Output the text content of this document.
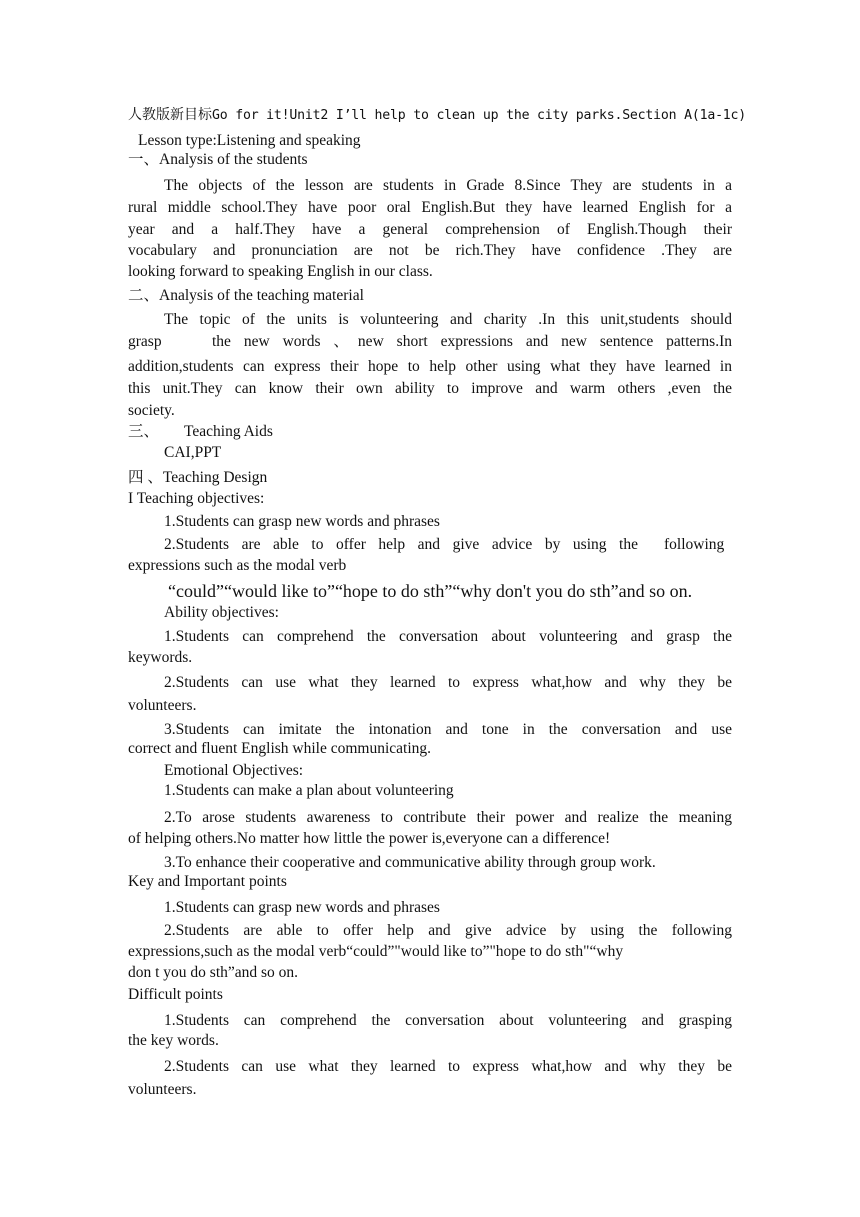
人教版新目标Go for it!Unit2 I’ll help to clean up the city parks.Section A(1a-1c)
Lesson type:Listening and speaking
一、Analysis of the students
The objects of the lesson are students in Grade 8.Since They are students in a
rural middle school.They have poor oral English.But they have learned English for a
year and a half.They have a general comprehension of English.Though their
vocabulary and pronunciation are not be rich.They have confidence .They are
looking forward to speaking English in our class.
二、Analysis of the teaching material
The topic of the units is volunteering and charity .In this unit,students should
grasp	the new words 、new short expressions and new sentence patterns.In
addition,students can express their hope to help other using what they have learned in
this unit.They can know their own ability to improve and warm others ,even the
society.
三、 Teaching Aids
CAI,PPT
四 、Teaching Design
I Teaching objectives:
1.Students can grasp new words and phrases
2.Students are able to offer help and give advice by using the following
expressions such as the modal verb
“could”“would like to”“hope to do sth”“why don't you do sth”and so on.
Ability objectives:
1.Students can comprehend the conversation about volunteering and grasp the
keywords.
2.Students can use what they learned to express what,how and why they be
volunteers.
3.Students can imitate the intonation and tone in the conversation and use
correct and fluent English while communicating.
Emotional Objectives:
1.Students can make a plan about volunteering
2.To arose students awareness to contribute their power and realize the meaning
of helping others.No matter how little the power is,everyone can a difference!
3.To enhance their cooperative and communicative ability through group work.
Key and Important points
1.Students can grasp new words and phrases
2.Students are able to offer help and give advice by using the following
expressions,such as the modal verb“could”"would like to”"hope to do sth"“why
don t you do sth”and so on.
Difficult points
1.Students can comprehend the conversation about volunteering and grasping
the key words.
2.Students can use what they learned to express what,how and why they be
volunteers.
